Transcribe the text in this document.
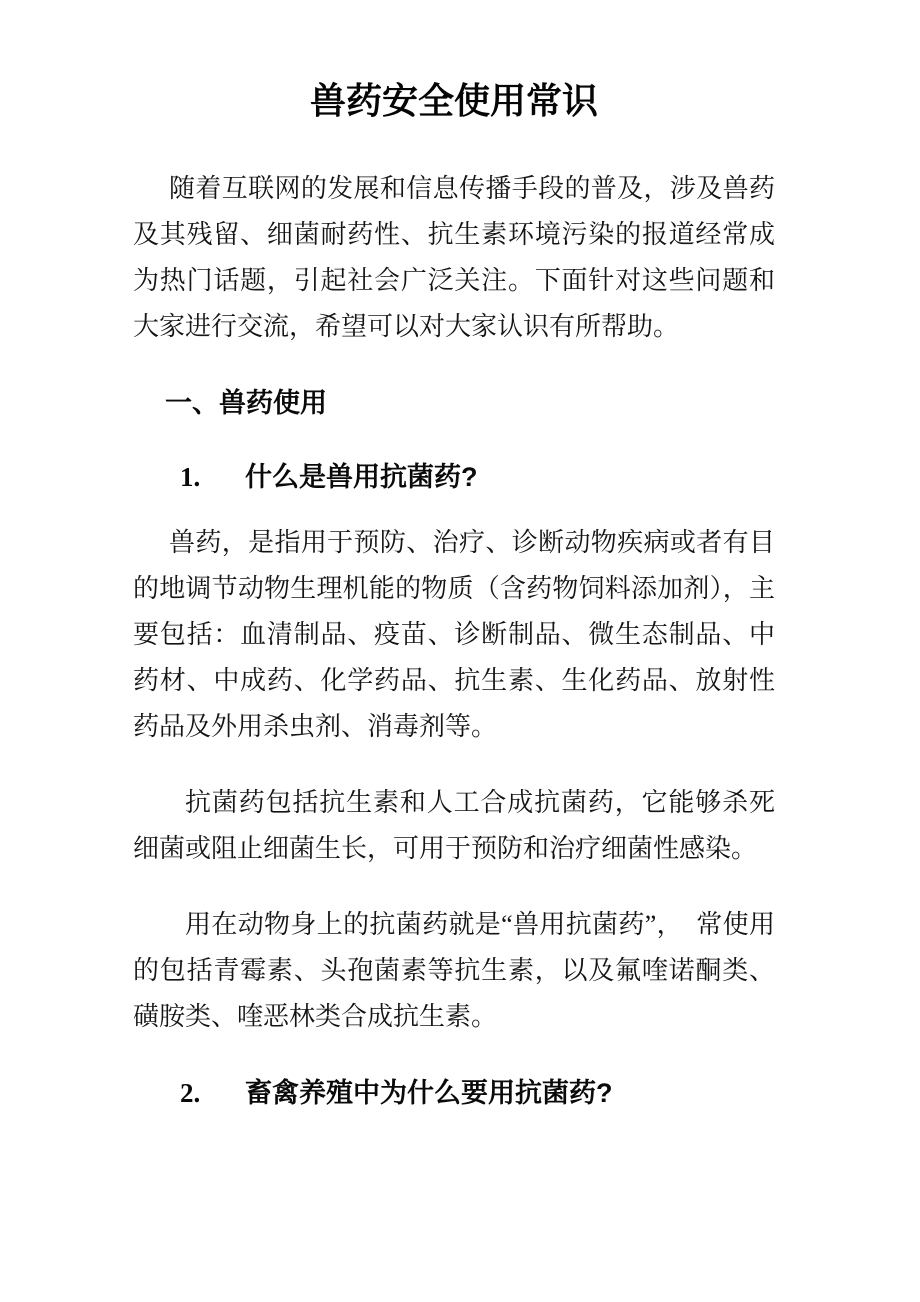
兽药安全使用常识

随着互联网的发展和信息传播手段的普及，涉及兽药及其残留、细菌耐药性、抗生素环境污染的报道经常成为热门话题，引起社会广泛关注。下面针对这些问题和大家进行交流，希望可以对大家认识有所帮助。

一、兽药使用
1. 什么是兽用抗菌药?

兽药，是指用于预防、治疗、诊断动物疾病或者有目的地调节动物生理机能的物质（含药物饲料添加剂），主要包括：血清制品、疫苗、诊断制品、微生态制品、中药材、中成药、化学药品、抗生素、生化药品、放射性药品及外用杀虫剂、消毒剂等。

抗菌药包括抗生素和人工合成抗菌药，它能够杀死细菌或阻止细菌生长，可用于预防和治疗细菌性感染。

用在动物身上的抗菌药就是“兽用抗菌药”，　常使用的包括青霉素、头孢菌素等抗生素，以及氟喹诺酮类、磺胺类、喹恶林类合成抗生素。

2. 畜禽养殖中为什么要用抗菌药?
